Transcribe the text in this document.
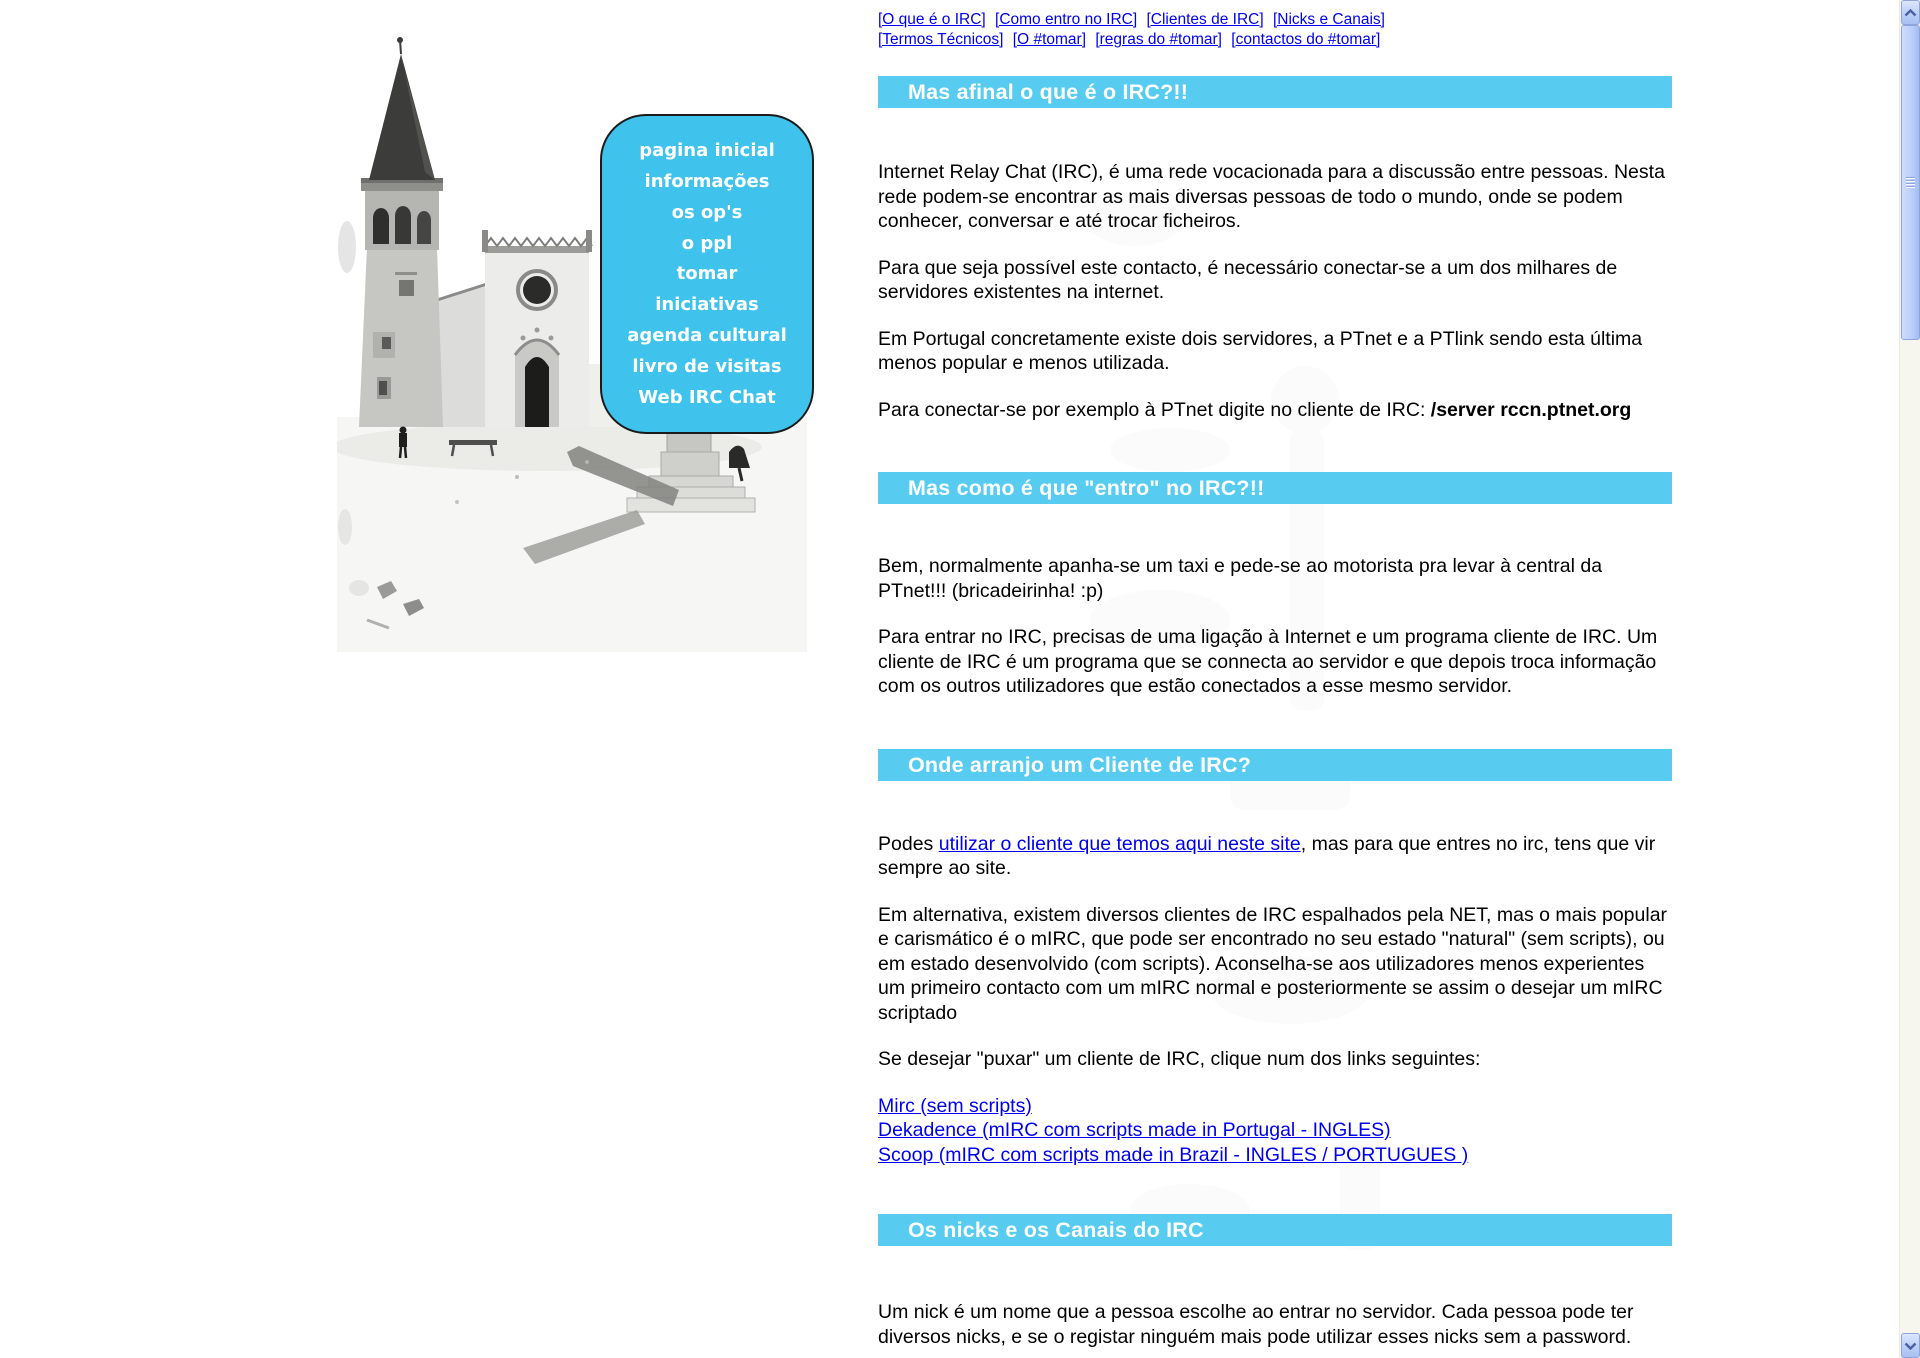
pagina inicial
informações
os op's
o ppl
tomar
iniciativas
agenda cultural
livro de visitas
Web IRC Chat
[O que é o IRC] [Como entro no IRC] [Clientes de IRC] [Nicks e Canais]
[Termos Técnicos] [O #tomar] [regras do #tomar] [contactos do #tomar]
Mas afinal o que é o IRC?!!

Internet Relay Chat (IRC), é uma rede vocacionada para a discussão entre pessoas. Nesta rede podem-se encontrar as mais diversas pessoas de todo o mundo, onde se podem conhecer, conversar e até trocar ficheiros.

Para que seja possível este contacto, é necessário conectar-se a um dos milhares de servidores existentes na internet.

Em Portugal concretamente existe dois servidores, a PTnet e a PTlink sendo esta última menos popular e menos utilizada.

Para conectar-se por exemplo à PTnet digite no cliente de IRC: /server rccn.ptnet.org

Mas como é que "entro" no IRC?!!

Bem, normalmente apanha-se um taxi e pede-se ao motorista pra levar à central da PTnet!!! (bricadeirinha! :p)

Para entrar no IRC, precisas de uma ligação à Internet e um programa cliente de IRC. Um cliente de IRC é um programa que se connecta ao servidor e que depois troca informação com os outros utilizadores que estão conectados a esse mesmo servidor.

Onde arranjo um Cliente de IRC?

Podes utilizar o cliente que temos aqui neste site, mas para que entres no irc, tens que vir sempre ao site.

Em alternativa, existem diversos clientes de IRC espalhados pela NET, mas o mais popular e carismático é o mIRC, que pode ser encontrado no seu estado "natural" (sem scripts), ou em estado desenvolvido (com scripts). Aconselha-se aos utilizadores menos experientes um primeiro contacto com um mIRC normal e posteriormente se assim o desejar um mIRC scriptado

Se desejar "puxar" um cliente de IRC, clique num dos links seguintes:

Mirc (sem scripts)
Dekadence (mIRC com scripts made in Portugal - INGLES)
Scoop (mIRC com scripts made in Brazil - INGLES / PORTUGUES )
Os nicks e os Canais do IRC

Um nick é um nome que a pessoa escolhe ao entrar no servidor. Cada pessoa pode ter diversos nicks, e se o registar ninguém mais pode utilizar esses nicks sem a password.
